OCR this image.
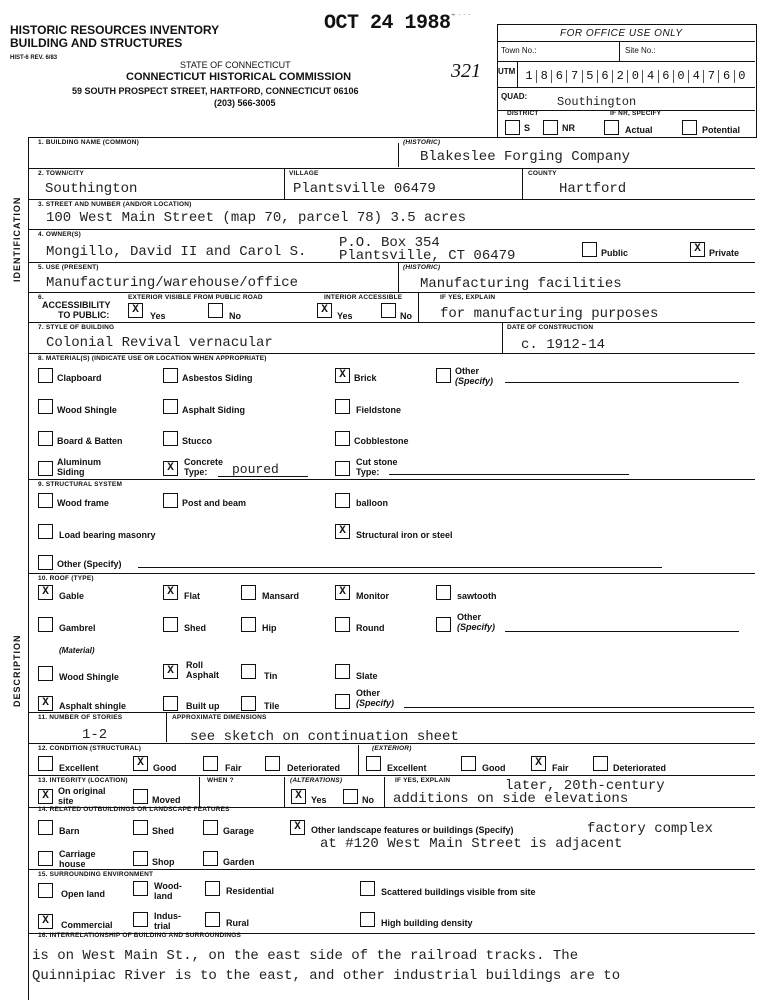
HISTORIC RESOURCES INVENTORY
BUILDING AND STRUCTURES
HIST-6 REV. 6/83
OCT 24 1988 ⌁ · · ·
321
STATE OF CONNECTICUT
CONNECTICUT HISTORICAL COMMISSION
59 SOUTH PROSPECT STREET, HARTFORD, CONNECTICUT 06106
(203) 566-3005
FOR OFFICE USE ONLY
Town No.:	Site No.:
UTM 1 8 6 7 5 6 2 0 4 6 0 4 7 6 0
QUAD: Southington
DISTRICT	IF NR, SPECIFY
S	NR	Actual	Potential
IDENTIFICATION
DESCRIPTION
1. BUILDING NAME (COMMON)	(HISTORIC)
Blakeslee Forging Company
2. TOWN/CITY
Southington
VILLAGE
Plantsville 06479
COUNTY
Hartford
3. STREET AND NUMBER (AND/OR LOCATION)
100 West Main Street (map 70, parcel 78) 3.5 acres
4. OWNER(S)
Mongillo, David II and Carol S.
P.O. Box 354
Plantsville, CT 06479	Public	X Private
5. USE (PRESENT)
Manufacturing/warehouse/office
(HISTORIC)
Manufacturing facilities
6.
ACCESSIBILITY
TO PUBLIC:
EXTERIOR VISIBLE FROM PUBLIC ROAD
X	Yes	No
INTERIOR ACCESSIBLE
X	Yes	No
IF YES, EXPLAIN
for manufacturing purposes
7. STYLE OF BUILDING
Colonial Revival vernacular
DATE OF CONSTRUCTION
c. 1912-14
8. MATERIAL(S) (INDICATE USE OR LOCATION WHEN APPROPRIATE)
Clapboard	Asbestos Siding	X Brick
Other
(Specify)
Wood Shingle	Asphalt Siding	Fieldstone
Board & Batten	Stucco	Cobblestone
Aluminum
Siding	X	Concrete
Type: poured	Cut stone
Type:
9. STRUCTURAL SYSTEM
Wood frame	Post and beam	balloon
Load bearing masonry	X	Structural iron or steel
Other (Specify)
10. ROOF (TYPE)
X	Gable	X	Flat	Mansard	X	Monitor	sawtooth
Gambrel	Shed	Hip	Round
Other
(Specify)
(Material)
Wood Shingle	X	Roll
Asphalt	Tin	Slate
X	Asphalt shingle	Built up	Tile
Other
(Specify)
11. NUMBER OF STORIES
1-2
APPROXIMATE DIMENSIONS
see sketch on continuation sheet
12. CONDITION (STRUCTURAL)	(EXTERIOR)
Excellent	X	Good	Fair	Deteriorated	Excellent	Good	X	Fair	Deteriorated
13. INTEGRITY (LOCATION)	WHEN ?	(ALTERATIONS)	IF YES, EXPLAIN
X	On original
site	Moved	X	Yes	No
later, 20th-century
additions on side elevations
14. RELATED OUTBUILDINGS OR LANDSCAPE FEATURES
Barn	Shed	Garage	X	Other landscape features or buildings (Specify)	factory complex
at #120 West Main Street is adjacent
Carriage
house	Shop	Garden
15. SURROUNDING ENVIRONMENT
Open land
Wood-
land	Residential	Scattered buildings visible from site
X	Commercial
Indus-
trial	Rural	High building density
16. INTERRELATIONSHIP OF BUILDING AND SURROUNDINGS
is on West Main St., on the east side of the railroad tracks. The
Quinnipiac River is to the east, and other industrial buildings are to
